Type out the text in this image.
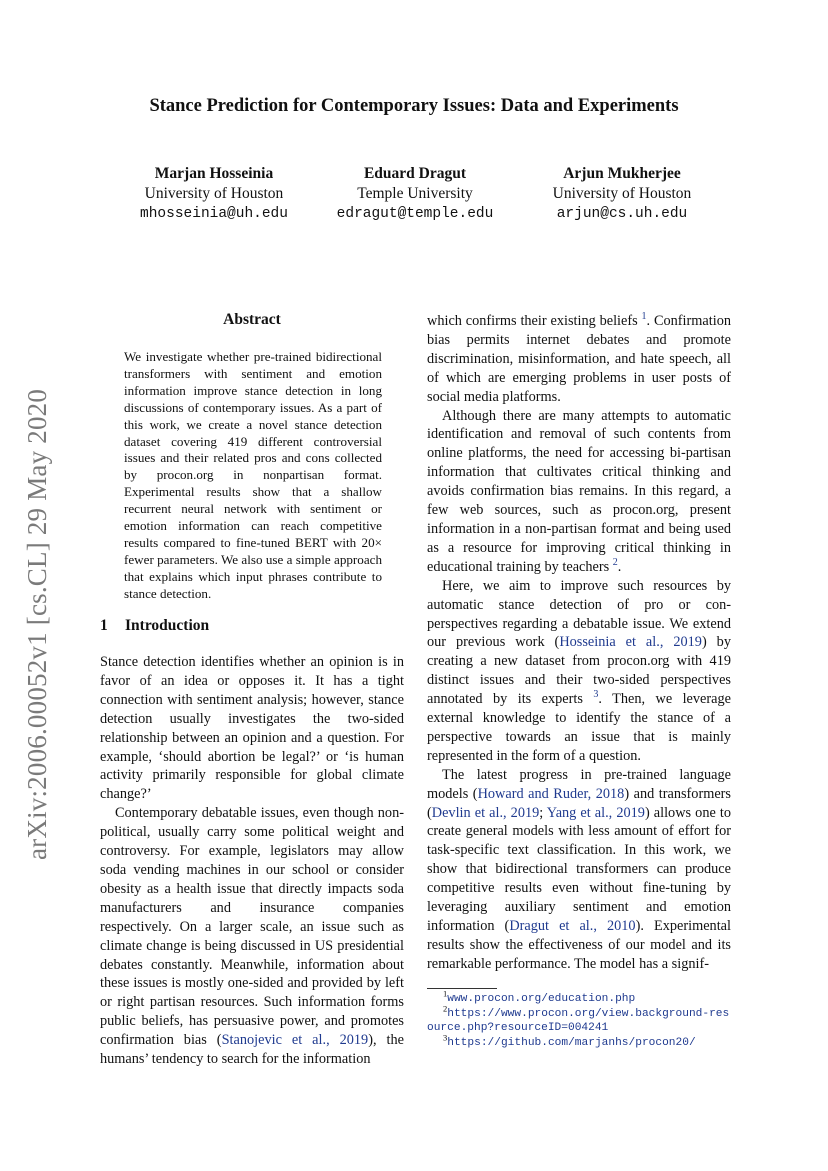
arXiv:2006.00052v1 [cs.CL] 29 May 2020
Stance Prediction for Contemporary Issues: Data and Experiments
Marjan Hosseinia
University of Houston
mhosseinia@uh.edu
Eduard Dragut
Temple University
edragut@temple.edu
Arjun Mukherjee
University of Houston
arjun@cs.uh.edu
Abstract
We investigate whether pre-trained bidirectional transformers with sentiment and emotion information improve stance detection in long discussions of contemporary issues. As a part of this work, we create a novel stance detection dataset covering 419 different controversial issues and their related pros and cons collected by procon.org in nonpartisan format. Experimental results show that a shallow recurrent neural network with sentiment or emotion information can reach competitive results compared to fine-tuned BERT with 20× fewer parameters. We also use a simple approach that explains which input phrases contribute to stance detection.
1 Introduction

Stance detection identifies whether an opinion is in favor of an idea or opposes it. It has a tight connection with sentiment analysis; however, stance detection usually investigates the two-sided relationship between an opinion and a question. For example, ‘should abortion be legal?’ or ‘is human activity primarily responsible for global climate change?’

Contemporary debatable issues, even though non-political, usually carry some political weight and controversy. For example, legislators may allow soda vending machines in our school or consider obesity as a health issue that directly impacts soda manufacturers and insurance companies respectively. On a larger scale, an issue such as climate change is being discussed in US presidential debates constantly. Meanwhile, information about these issues is mostly one-sided and provided by left or right partisan resources. Such information forms public beliefs, has persuasive power, and promotes confirmation bias (Stanojevic et al., 2019), the humans’ tendency to search for the information

which confirms their existing beliefs $^1$. Confirmation bias permits internet debates and promote discrimination, misinformation, and hate speech, all of which are emerging problems in user posts of social media platforms.

Although there are many attempts to automatic identification and removal of such contents from online platforms, the need for accessing bi-partisan information that cultivates critical thinking and avoids confirmation bias remains. In this regard, a few web sources, such as procon.org, present information in a non-partisan format and being used as a resource for improving critical thinking in educational training by teachers $^2$.

Here, we aim to improve such resources by automatic stance detection of pro or con-perspectives regarding a debatable issue. We extend our previous work (Hosseinia et al., 2019) by creating a new dataset from procon.org with 419 distinct issues and their two-sided perspectives annotated by its experts $^3$. Then, we leverage external knowledge to identify the stance of a perspective towards an issue that is mainly represented in the form of a question.

The latest progress in pre-trained language models (Howard and Ruder, 2018) and transformers (Devlin et al., 2019; Yang et al., 2019) allows one to create general models with less amount of effort for task-specific text classification. In this work, we show that bidirectional transformers can produce competitive results even without fine-tuning by leveraging auxiliary sentiment and emotion information (Dragut et al., 2010). Experimental results show the effectiveness of our model and its remarkable performance. The model has a signif-

$^1$www.procon.org/education.php
$^2$https://www.procon.org/view.background-resource.php?resourceID=004241
$^3$https://github.com/marjanhs/procon20/
